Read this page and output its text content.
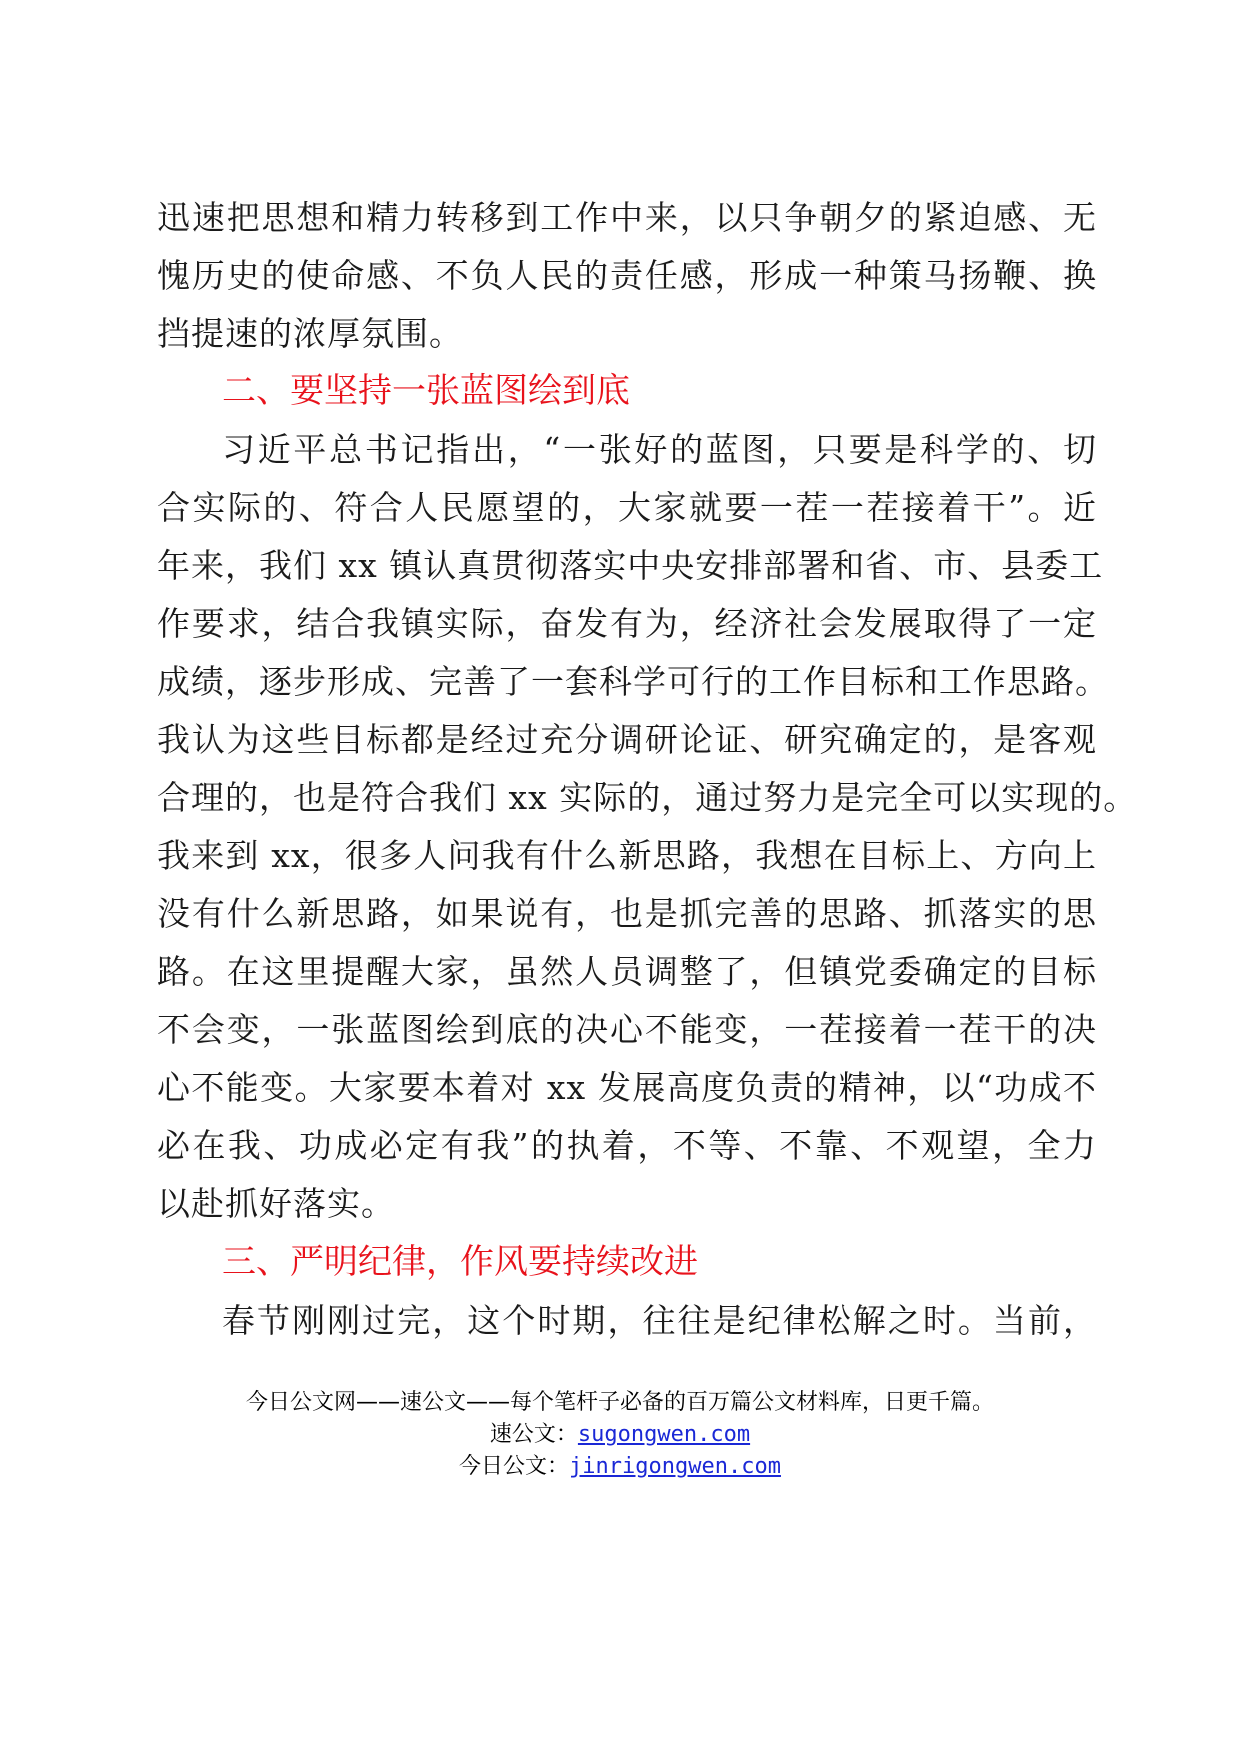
迅速把思想和精力转移到工作中来，以只争朝夕的紧迫感、无
愧历史的使命感、不负人民的责任感，形成一种策马扬鞭、换
挡提速的浓厚氛围。
二、要坚持一张蓝图绘到底
习近平总书记指出，“一张好的蓝图，只要是科学的、切
合实际的、符合人民愿望的，大家就要一茬一茬接着干”。近
年来，我们 xx 镇认真贯彻落实中央安排部署和省、市、县委工
作要求，结合我镇实际，奋发有为，经济社会发展取得了一定
成绩，逐步形成、完善了一套科学可行的工作目标和工作思路。
我认为这些目标都是经过充分调研论证、研究确定的，是客观
合理的，也是符合我们 xx 实际的，通过努力是完全可以实现的。
我来到 xx，很多人问我有什么新思路，我想在目标上、方向上
没有什么新思路，如果说有，也是抓完善的思路、抓落实的思
路。在这里提醒大家，虽然人员调整了，但镇党委确定的目标
不会变，一张蓝图绘到底的决心不能变，一茬接着一茬干的决
心不能变。大家要本着对 xx 发展高度负责的精神，以“功成不
必在我、功成必定有我”的执着，不等、不靠、不观望，全力
以赴抓好落实。
三、严明纪律，作风要持续改进
春节刚刚过完，这个时期，往往是纪律松解之时。当前，
今日公文网——速公文——每个笔杆子必备的百万篇公文材料库，日更千篇。
速公文：sugongwen.com
今日公文：jinrigongwen.com
